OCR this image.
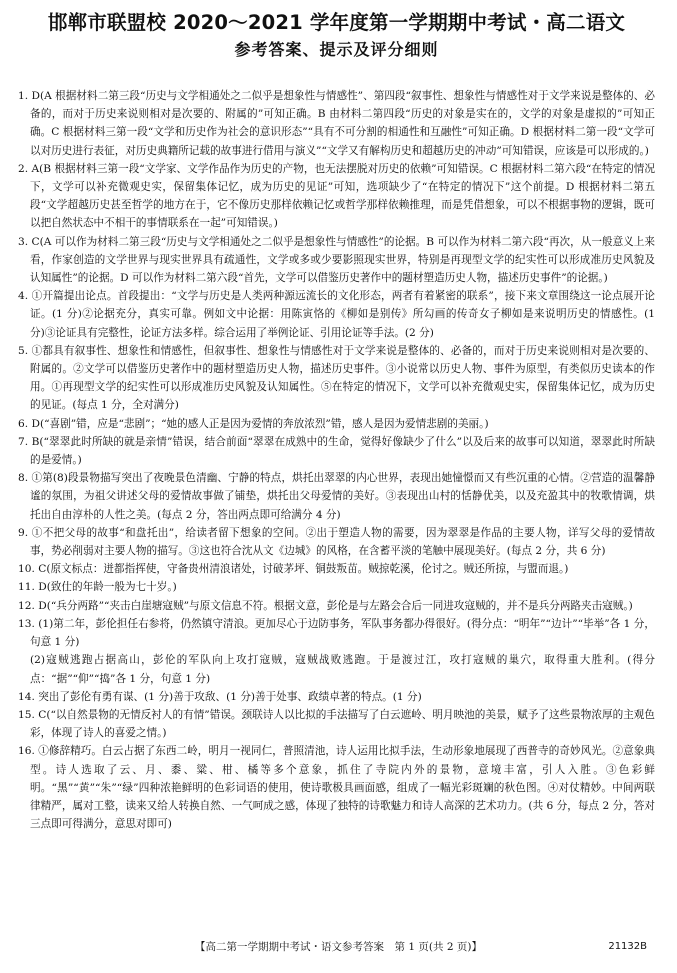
邯郸市联盟校 2020～2021 学年度第一学期期中考试・高二语文
参考答案、提示及评分细则

1. D(A 根据材料二第三段“历史与文学相通处之二似乎是想象性与情感性”、第四段“叙事性、想象性与情感性对于文学来说是整体的、必备的，而对于历史来说则相对是次要的、附属的”可知正确。B 由材料二第四段“历史的对象是实在的，文学的对象是虚拟的”可知正确。C 根据材料三第一段“文学和历史作为社会的意识形态”“具有不可分割的相通性和互融性”可知正确。D 根据材料二第一段“文学可以对历史进行表征，对历史典籍所记载的故事进行借用与演义”“文学又有解构历史和超越历史的冲动”可知错误，应该是可以形成的。)

2. A(B 根据材料三第一段“文学家、文学作品作为历史的产物，也无法摆脱对历史的依赖”可知错误。C 根据材料二第六段“在特定的情况下，文学可以补充微观史实，保留集体记忆，成为历史的见证”可知，选项缺少了“在特定的情况下”这个前提。D 根据材料二第五段“文学超越历史甚至哲学的地方在于，它不像历史那样依赖记忆或哲学那样依赖推理，而是凭借想象，可以不根据事物的逻辑，既可以把自然状态中不相干的事情联系在一起”可知错误。)

3. C(A 可以作为材料二第三段“历史与文学相通处之二似乎是想象性与情感性”的论据。B 可以作为材料二第六段“再次，从一般意义上来看，作家创造的文学世界与现实世界具有疏通性，文学或多或少要影照现实世界，特别是再现型文学的纪实性可以形成准历史风貌及认知属性”的论据。D 可以作为材料二第六段“首先，文学可以借鉴历史著作中的题材塑造历史人物，描述历史事件”的论据。)

4. ①开篇提出论点。首段提出：“文学与历史是人类两种源远流长的文化形态，两者有着紧密的联系”，接下来文章围绕这一论点展开论证。(1 分)②论据充分，真实可靠。例如文中论据：用陈寅恪的《柳如是别传》所勾画的传奇女子柳如是来说明历史的情感性。(1 分)③论证具有完整性，论证方法多样。综合运用了举例论证、引用论证等手法。(2 分)

5. ①都具有叙事性、想象性和情感性，但叙事性、想象性与情感性对于文学来说是整体的、必备的，而对于历史来说则相对是次要的、附属的。②文学可以借鉴历史著作中的题材塑造历史人物，描述历史事件。③小说常以历史人物、事件为原型，有类似历史读本的作用。①再现型文学的纪实性可以形成准历史风貌及认知属性。⑤在特定的情况下，文学可以补充微观史实，保留集体记忆，成为历史的见证。(每点 1 分，全对满分)

6. D(“喜剧”错，应是“悲剧”；“她的感人正是因为爱情的奔放浓烈”错，感人是因为爱情悲剧的美丽。)

7. B(“翠翠此时所缺的就是亲情”错误，结合前面“翠翠在成熟中的生命，觉得好像缺少了什么”以及后来的故事可以知道，翠翠此时所缺的是爱情。)

8. ①第(8)段景物描写突出了夜晚景色清幽、宁静的特点，烘托出翠翠的内心世界，表现出她憧憬而又有些沉重的心情。②营造的温馨静谧的氛围，为祖父讲述父母的爱情故事做了铺垫，烘托出父母爱情的美好。③表现出山村的恬静优美，以及充盈其中的牧歌情调，烘托出自由淳朴的人性之美。(每点 2 分，答出两点即可给满分 4 分)

9. ①不把父母的故事“和盘托出”，给读者留下想象的空间。②出于塑造人物的需要，因为翠翠是作品的主要人物，详写父母的爱情故事，势必削弱对主要人物的描写。③这也符合沈从文《边城》的风格，在含蓄平淡的笔触中展现美好。(每点 2 分，共 6 分)

10. C(原文标点：迸都指挥使，守备贵州清浪诸处，讨破茅坪、铜鼓叛苗。贼掠乾溪，伦讨之。贼还所掠，与盟而退。)

11. D(致仕的年龄一般为七十岁。)

12. D(“兵分两路”“夹击白崖塘寇贼”与原文信息不符。根据文意，彭伦是与左路会合后一同进攻寇贼的，并不是兵分两路夹击寇贼。)

13. (1)第二年，彭伦担任右参将，仍然镇守清浪。更加尽心于边防事务，军队事务都办得很好。(得分点：“明年”“边计”“毕举”各 1 分，句意 1 分)

(2)寇贼逃跑占据高山，彭伦的军队向上攻打寇贼，寇贼战败逃跑。于是渡过江，攻打寇贼的巢穴，取得重大胜利。(得分点：“据”“仰”“捣”各 1 分，句意 1 分)

14. 突出了彭伦有勇有谋、(1 分)善于攻敌、(1 分)善于处事、政绩卓著的特点。(1 分)

15. C(“以自然景物的无情反衬人的有情”错误。颈联诗人以比拟的手法描写了白云遮岭、明月映池的美景，赋予了这些景物浓厚的主观色彩，体现了诗人的喜爱之情。)

16. ①修辞精巧。白云占据了东西二岭，明月一视同仁，普照清池，诗人运用比拟手法，生动形象地展现了西普寺的奇妙风光。②意象典型。诗人选取了云、月、黍、粱、柑、橘等多个意象，抓住了寺院内外的景物，意境丰富，引人入胜。③色彩鲜明。“黑”“黄”“朱”“绿”四种浓艳鲜明的色彩词语的使用，使诗歌极具画面感，组成了一幅光彩斑斓的秋色图。④对仗精妙。中间两联律精严，属对工整，读来又给人转换自然、一气呵成之感，体现了独特的诗歌魅力和诗人高深的艺术功力。(共 6 分，每点 2 分，答对三点即可得满分，意思对即可)

【高二第一学期期中考试・语文参考答案　第 1 页(共 2 页)】	21132B
